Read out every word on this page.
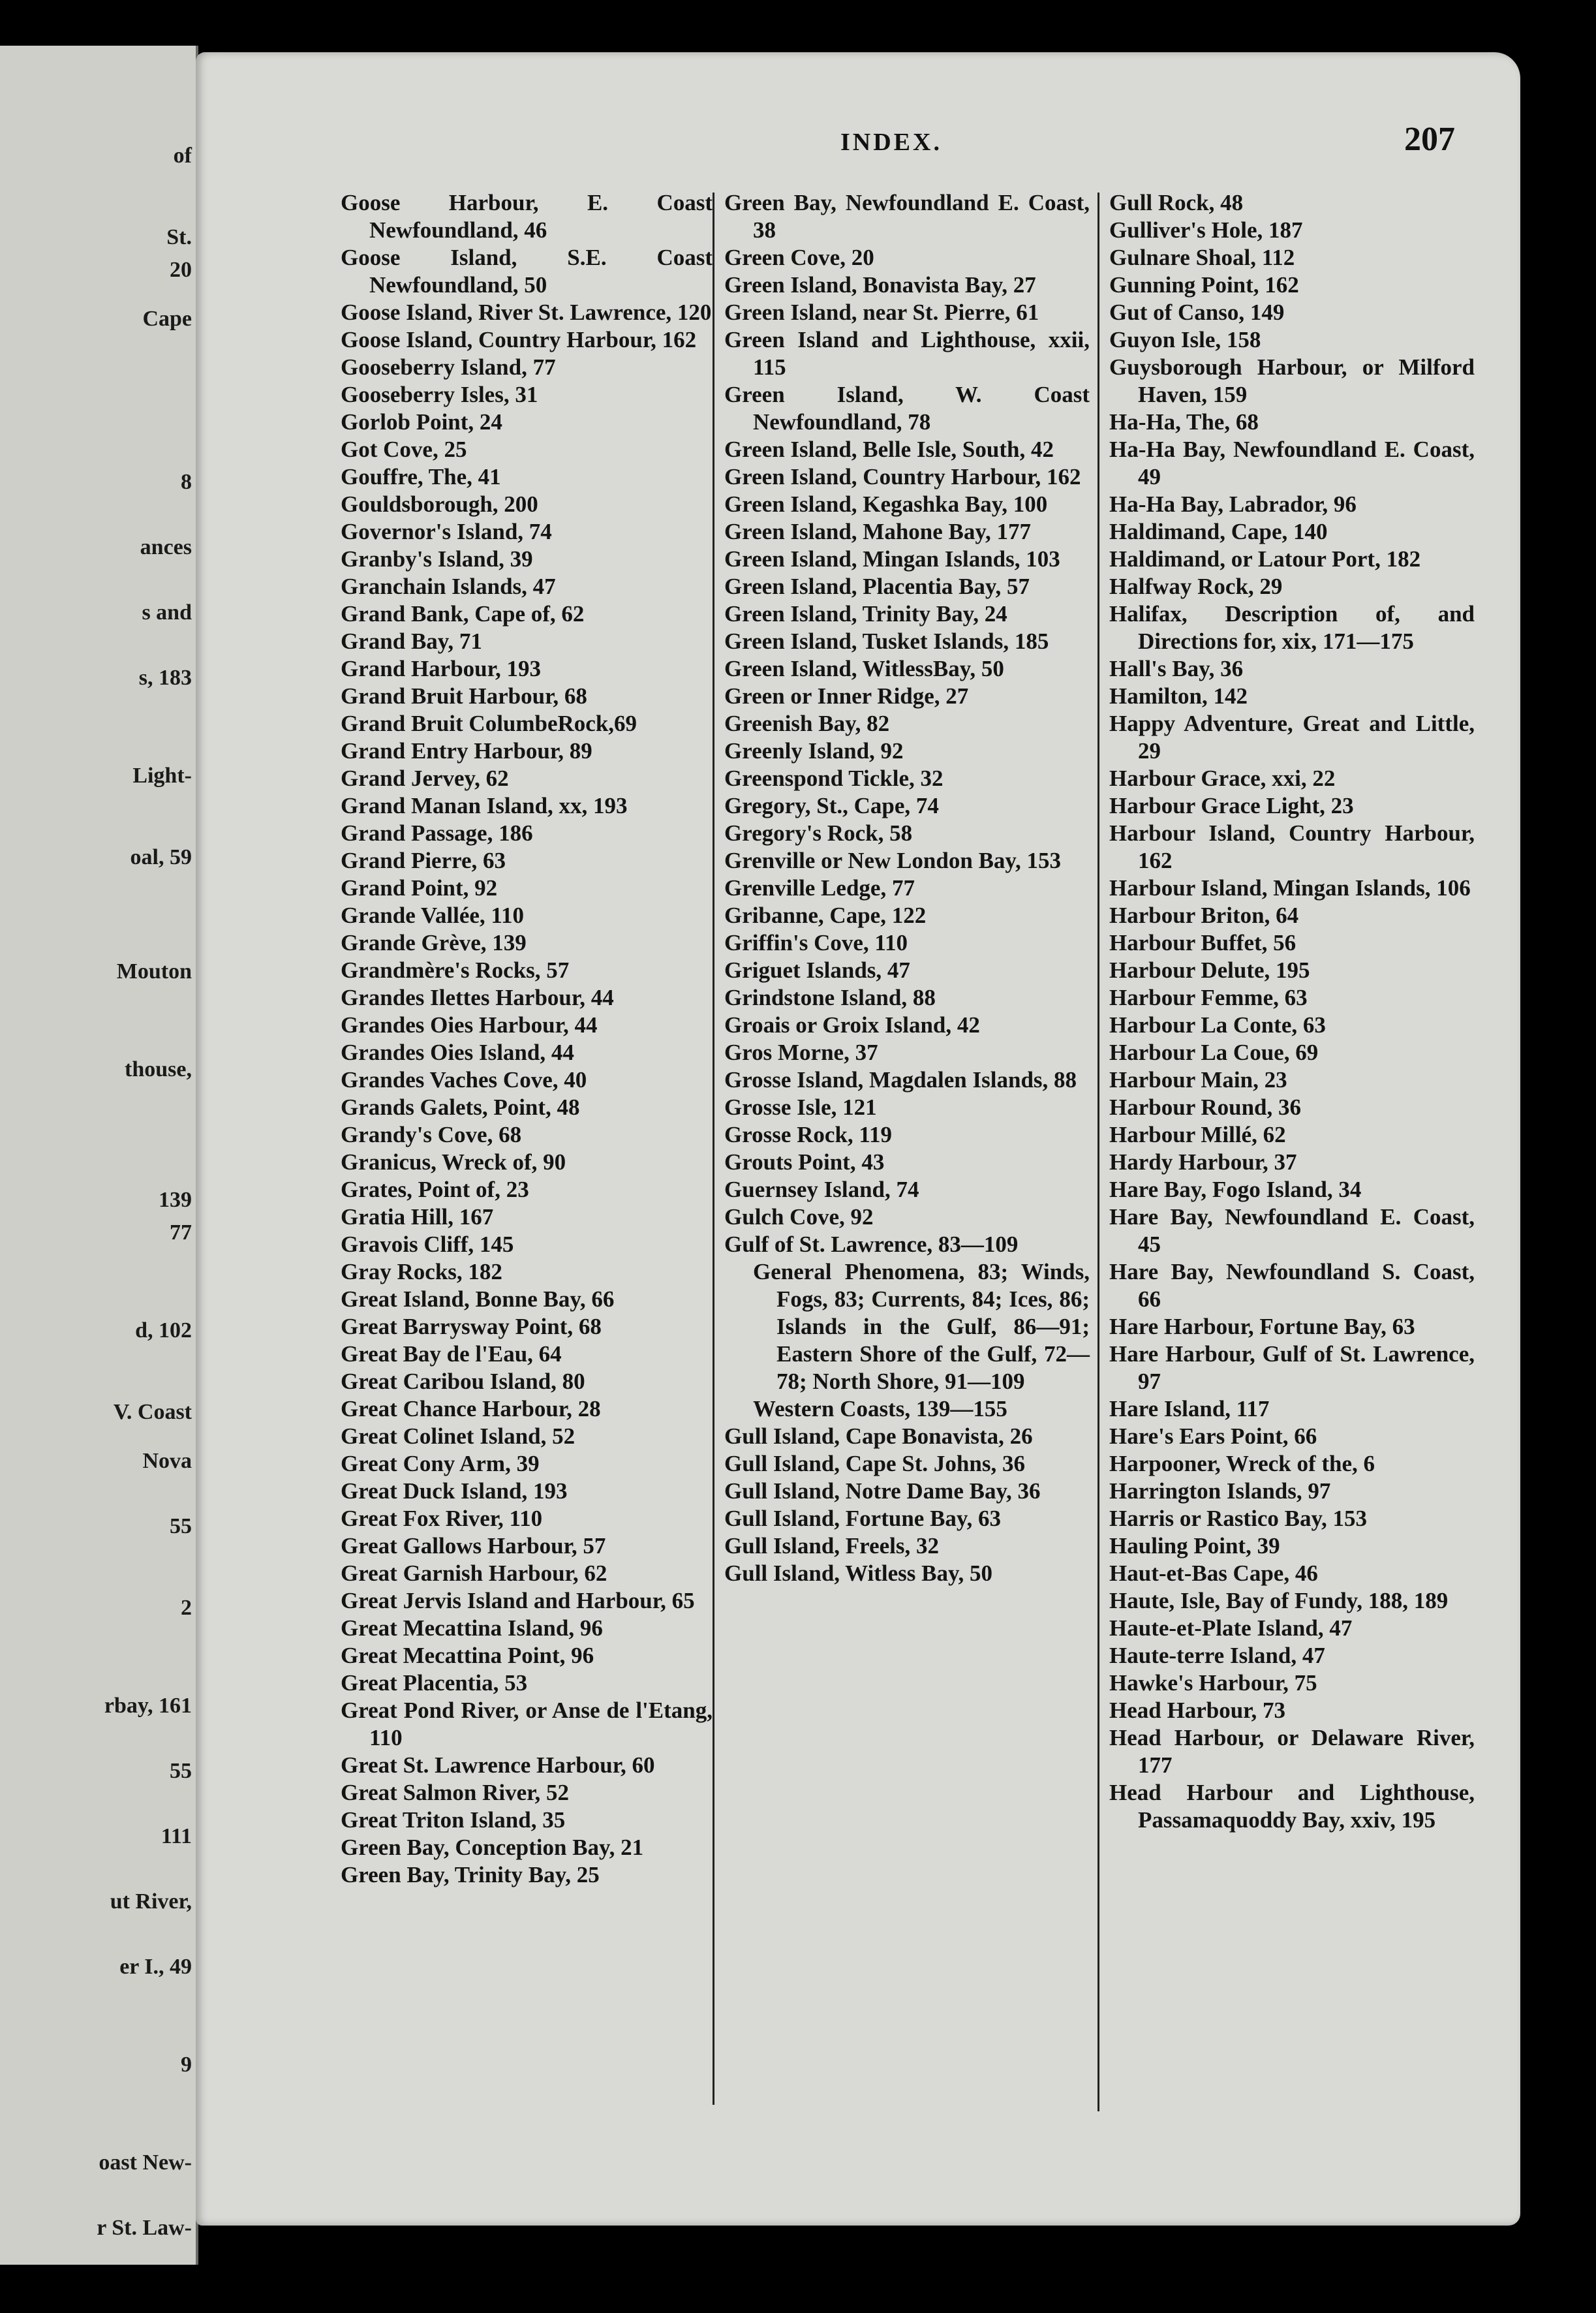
of
St.
20
Cape
8
ances
s and
s, 183
Light-
oal, 59
Mouton
thouse,
139
77
d, 102
V. Coast
Nova
55
2
rbay, 161
55
111
ut River,
er I., 49
9
oast New-
r St. Law-
INDEX.	207
Goose Harbour, E. Coast Newfoundland, 46
Goose Island, S.E. Coast Newfoundland, 50
Goose Island, River St. Lawrence, 120
Goose Island, Country Harbour, 162
Gooseberry Island, 77
Gooseberry Isles, 31
Gorlob Point, 24
Got Cove, 25
Gouffre, The, 41
Gouldsborough, 200
Governor's Island, 74
Granby's Island, 39
Granchain Islands, 47
Grand Bank, Cape of, 62
Grand Bay, 71
Grand Harbour, 193
Grand Bruit Harbour, 68
Grand Bruit ColumbeRock,69
Grand Entry Harbour, 89
Grand Jervey, 62
Grand Manan Island, xx, 193
Grand Passage, 186
Grand Pierre, 63
Grand Point, 92
Grande Vallée, 110
Grande Grève, 139
Grandmère's Rocks, 57
Grandes Ilettes Harbour, 44
Grandes Oies Harbour, 44
Grandes Oies Island, 44
Grandes Vaches Cove, 40
Grands Galets, Point, 48
Grandy's Cove, 68
Granicus, Wreck of, 90
Grates, Point of, 23
Gratia Hill, 167
Gravois Cliff, 145
Gray Rocks, 182
Great Island, Bonne Bay, 66
Great Barrysway Point, 68
Great Bay de l'Eau, 64
Great Caribou Island, 80
Great Chance Harbour, 28
Great Colinet Island, 52
Great Cony Arm, 39
Great Duck Island, 193
Great Fox River, 110
Great Gallows Harbour, 57
Great Garnish Harbour, 62
Great Jervis Island and Harbour, 65
Great Mecattina Island, 96
Great Mecattina Point, 96
Great Placentia, 53
Great Pond River, or Anse de l'Etang, 110
Great St. Lawrence Harbour, 60
Great Salmon River, 52
Great Triton Island, 35
Green Bay, Conception Bay, 21
Green Bay, Trinity Bay, 25
Green Bay, Newfoundland E. Coast, 38
Green Cove, 20
Green Island, Bonavista Bay, 27
Green Island, near St. Pierre, 61
Green Island and Lighthouse, xxii, 115
Green Island, W. Coast Newfoundland, 78
Green Island, Belle Isle, South, 42
Green Island, Country Harbour, 162
Green Island, Kegashka Bay, 100
Green Island, Mahone Bay, 177
Green Island, Mingan Islands, 103
Green Island, Placentia Bay, 57
Green Island, Trinity Bay, 24
Green Island, Tusket Islands, 185
Green Island, WitlessBay, 50
Green or Inner Ridge, 27
Greenish Bay, 82
Greenly Island, 92
Greenspond Tickle, 32
Gregory, St., Cape, 74
Gregory's Rock, 58
Grenville or New London Bay, 153
Grenville Ledge, 77
Gribanne, Cape, 122
Griffin's Cove, 110
Griguet Islands, 47
Grindstone Island, 88
Groais or Groix Island, 42
Gros Morne, 37
Grosse Island, Magdalen Islands, 88
Grosse Isle, 121
Grosse Rock, 119
Grouts Point, 43
Guernsey Island, 74
Gulch Cove, 92
Gulf of St. Lawrence, 83—109
General Phenomena, 83; Winds, Fogs, 83; Currents, 84; Ices, 86; Islands in the Gulf, 86—91; Eastern Shore of the Gulf, 72—78; North Shore, 91—109
Western Coasts, 139—155
Gull Island, Cape Bonavista, 26
Gull Island, Cape St. Johns, 36
Gull Island, Notre Dame Bay, 36
Gull Island, Fortune Bay, 63
Gull Island, Freels, 32
Gull Island, Witless Bay, 50
Gull Rock, 48
Gulliver's Hole, 187
Gulnare Shoal, 112
Gunning Point, 162
Gut of Canso, 149
Guyon Isle, 158
Guysborough Harbour, or Milford Haven, 159
Ha-Ha, The, 68
Ha-Ha Bay, Newfoundland E. Coast, 49
Ha-Ha Bay, Labrador, 96
Haldimand, Cape, 140
Haldimand, or Latour Port, 182
Halfway Rock, 29
Halifax, Description of, and Directions for, xix, 171—175
Hall's Bay, 36
Hamilton, 142
Happy Adventure, Great and Little, 29
Harbour Grace, xxi, 22
Harbour Grace Light, 23
Harbour Island, Country Harbour, 162
Harbour Island, Mingan Islands, 106
Harbour Briton, 64
Harbour Buffet, 56
Harbour Delute, 195
Harbour Femme, 63
Harbour La Conte, 63
Harbour La Coue, 69
Harbour Main, 23
Harbour Round, 36
Harbour Millé, 62
Hardy Harbour, 37
Hare Bay, Fogo Island, 34
Hare Bay, Newfoundland E. Coast, 45
Hare Bay, Newfoundland S. Coast, 66
Hare Harbour, Fortune Bay, 63
Hare Harbour, Gulf of St. Lawrence, 97
Hare Island, 117
Hare's Ears Point, 66
Harpooner, Wreck of the, 6
Harrington Islands, 97
Harris or Rastico Bay, 153
Hauling Point, 39
Haut-et-Bas Cape, 46
Haute, Isle, Bay of Fundy, 188, 189
Haute-et-Plate Island, 47
Haute-terre Island, 47
Hawke's Harbour, 75
Head Harbour, 73
Head Harbour, or Delaware River, 177
Head Harbour and Lighthouse, Passamaquoddy Bay, xxiv, 195
